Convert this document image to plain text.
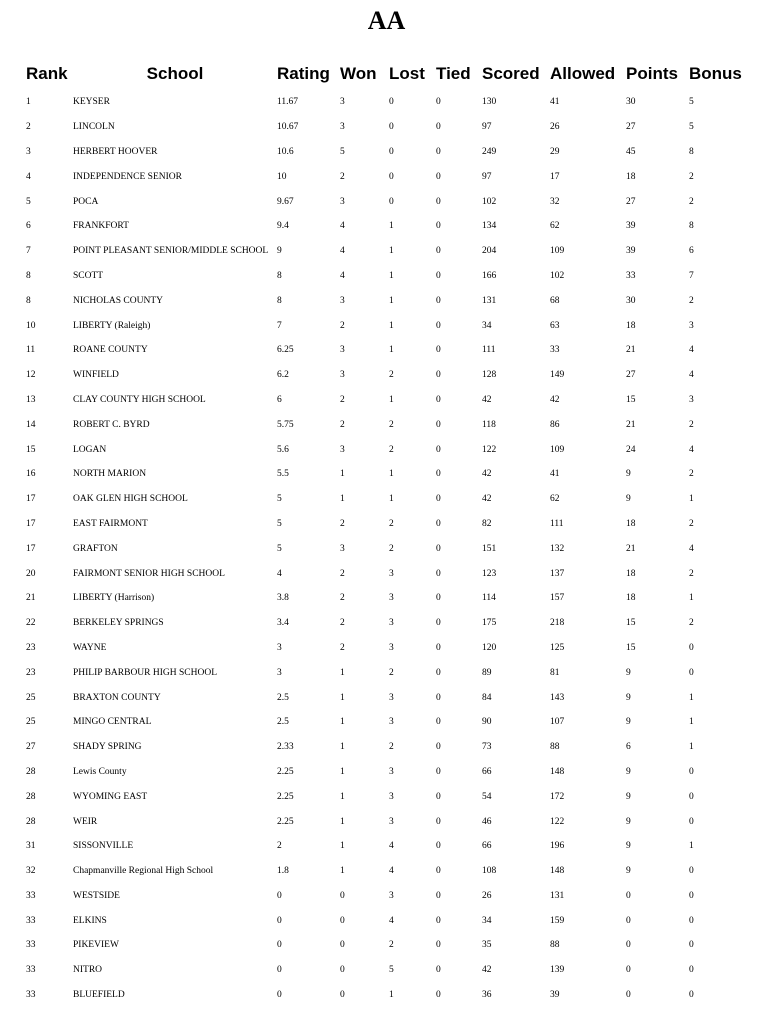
AA
Rank	School	Rating	Won	Lost	Tied	Scored	Allowed	Points	Bonus
1	KEYSER	11.67	3	0	0	130	41	30	5
2	LINCOLN	10.67	3	0	0	97	26	27	5
3	HERBERT HOOVER	10.6	5	0	0	249	29	45	8
4	INDEPENDENCE SENIOR	10	2	0	0	97	17	18	2
5	POCA	9.67	3	0	0	102	32	27	2
6	FRANKFORT	9.4	4	1	0	134	62	39	8
7	POINT PLEASANT SENIOR/MIDDLE SCHOOL	9	4	1	0	204	109	39	6
8	SCOTT	8	4	1	0	166	102	33	7
8	NICHOLAS COUNTY	8	3	1	0	131	68	30	2
10	LIBERTY (Raleigh)	7	2	1	0	34	63	18	3
11	ROANE COUNTY	6.25	3	1	0	111	33	21	4
12	WINFIELD	6.2	3	2	0	128	149	27	4
13	CLAY COUNTY HIGH SCHOOL	6	2	1	0	42	42	15	3
14	ROBERT C. BYRD	5.75	2	2	0	118	86	21	2
15	LOGAN	5.6	3	2	0	122	109	24	4
16	NORTH MARION	5.5	1	1	0	42	41	9	2
17	OAK GLEN HIGH SCHOOL	5	1	1	0	42	62	9	1
17	EAST FAIRMONT	5	2	2	0	82	111	18	2
17	GRAFTON	5	3	2	0	151	132	21	4
20	FAIRMONT SENIOR HIGH SCHOOL	4	2	3	0	123	137	18	2
21	LIBERTY (Harrison)	3.8	2	3	0	114	157	18	1
22	BERKELEY SPRINGS	3.4	2	3	0	175	218	15	2
23	WAYNE	3	2	3	0	120	125	15	0
23	PHILIP BARBOUR HIGH SCHOOL	3	1	2	0	89	81	9	0
25	BRAXTON COUNTY	2.5	1	3	0	84	143	9	1
25	MINGO CENTRAL	2.5	1	3	0	90	107	9	1
27	SHADY SPRING	2.33	1	2	0	73	88	6	1
28	Lewis County	2.25	1	3	0	66	148	9	0
28	WYOMING EAST	2.25	1	3	0	54	172	9	0
28	WEIR	2.25	1	3	0	46	122	9	0
31	SISSONVILLE	2	1	4	0	66	196	9	1
32	Chapmanville Regional High School	1.8	1	4	0	108	148	9	0
33	WESTSIDE	0	0	3	0	26	131	0	0
33	ELKINS	0	0	4	0	34	159	0	0
33	PIKEVIEW	0	0	2	0	35	88	0	0
33	NITRO	0	0	5	0	42	139	0	0
33	BLUEFIELD	0	0	1	0	36	39	0	0
